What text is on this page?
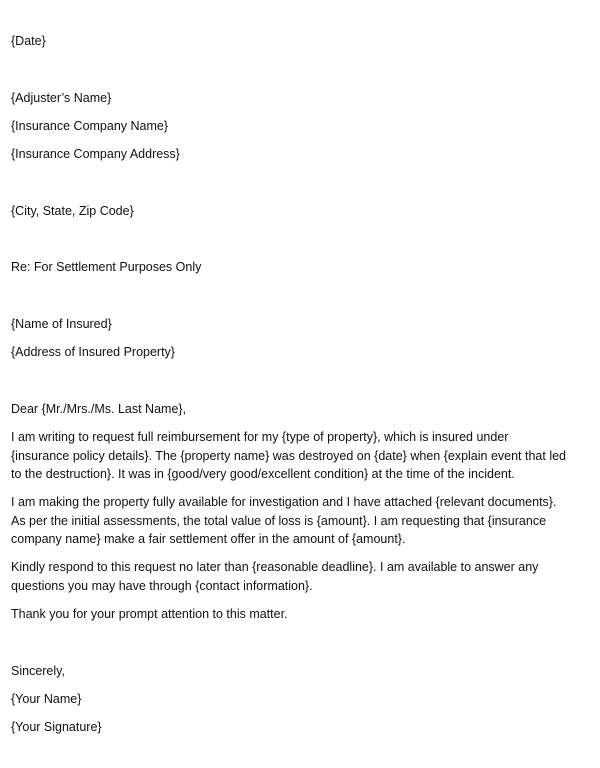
{Date}
{Adjuster’s Name}
{Insurance Company Name}
{Insurance Company Address}
{City, State, Zip Code}
Re: For Settlement Purposes Only
{Name of Insured}
{Address of Insured Property}
Dear {Mr./Mrs./Ms. Last Name},
I am writing to request full reimbursement for my {type of property}, which is insured under
{insurance policy details}. The {property name} was destroyed on {date} when {explain event that led
to the destruction}. It was in {good/very good/excellent condition} at the time of the incident.
I am making the property fully available for investigation and I have attached {relevant documents}.
As per the initial assessments, the total value of loss is {amount}. I am requesting that {insurance
company name} make a fair settlement offer in the amount of {amount}.
Kindly respond to this request no later than {reasonable deadline}. I am available to answer any
questions you may have through {contact information}.
Thank you for your prompt attention to this matter.
Sincerely,
{Your Name}
{Your Signature}
